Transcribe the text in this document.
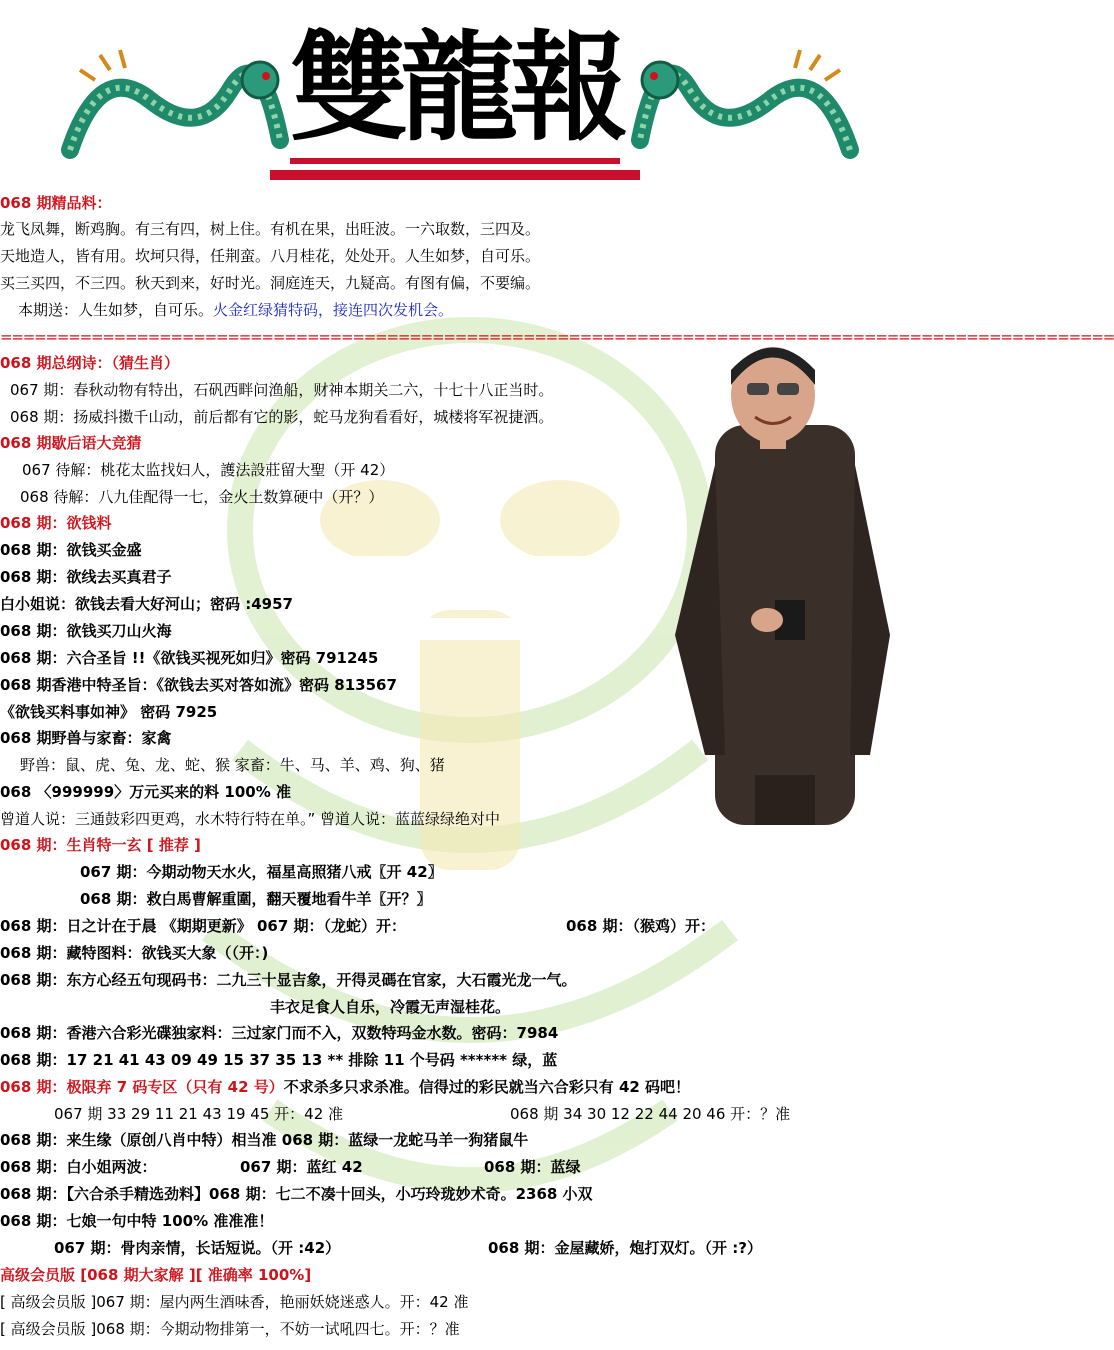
雙龍報
068 期精品料：
龙飞凤舞，断鸡胸。有三有四，树上住。有机在果，出旺波。一六取数，三四及。
天地造人，皆有用。坎坷只得，任荆蛮。八月桂花，处处开。人生如梦，自可乐。
买三买四，不三四。秋天到来，好时光。洞庭连天，九疑高。有图有偏，不要编。
本期送：人生如梦，自可乐。火金红绿猜特码，接连四次发机会。
==================================================================================================
068 期总纲诗：（猜生肖）
067 期：春秋动物有特出，石矾西畔问渔船，财神本期关二六，十七十八正当时。
068 期：扬威抖擞千山动，前后都有它的影，蛇马龙狗看看好，城楼将军祝捷洒。
068 期歇后语大竞猜
067 待解：桃花太监找妇人，護法設莊留大聖（开 42）
068 待解：八九佳配得一七，金火土数算硬中（开？）
068 期：欲钱料
068 期：欲钱买金盛
068 期：欲线去买真君子
白小姐说：欲钱去看大好河山；密码 :4957
068 期：欲钱买刀山火海
068 期：六合圣旨 !!《欲钱买视死如归》密码 791245
068 期香港中特圣旨：《欲钱去买对答如流》密码 813567
《欲钱买料事如神》 密码 7925
068 期野兽与家畜：家禽
野兽：鼠、虎、兔、龙、蛇、猴 家畜：牛、马、羊、鸡、狗、猪
068 〈999999〉万元买来的料 100% 准
曾道人说：三通鼓彩四更鸡，水木特行特在单。” 曾道人说：蓝蓝绿绿绝对中
068 期：生肖特一玄 [ 推荐 ]
067 期：今期动物天水火，福星高照猪八戒〖开 42〗
068 期：救白馬曹解重圍，翻天覆地看牛羊〖开？〗
068 期：日之计在于晨 《期期更新》 067 期：（龙蛇）开：	068 期：（猴鸡）开：
068 期：藏特图料：欲钱买大象（（开：)
068 期：东方心经五句现码书：二九三十显吉象，开得灵碼在官家，大石霞光龙一气。
丰衣足食人自乐，冷霞无声湿桂花。
068 期：香港六合彩光碟独家料：三过家门而不入，双数特玛金水数。密码：7984
068 期：17 21 41 43 09 49 15 37 35 13 ** 排除 11 个号码 ****** 绿，蓝
068 期：极限弃 7 码专区（只有 42 号）不求杀多只求杀准。信得过的彩民就当六合彩只有 42 码吧！
067 期 33 29 11 21 43 19 45 开：42 准	068 期 34 30 12 22 44 20 46 开：？准
068 期：来生缘（原创八肖中特）相当准 068 期：蓝绿一龙蛇马羊一狗猪鼠牛
068 期：白小姐两波：	067 期：蓝红 42	068 期：蓝绿
068 期：【六合杀手精选劲料】068 期：七二不凑十回头，小巧玲珑妙术奇。2368 小双
068 期：七娘一句中特 100% 准准准！
067 期：骨肉亲情，长话短说。（开 :42）	068 期：金屋藏娇，炮打双灯。（开 :?）
高级会员版 [068 期大家解 ][ 准确率 100%]
[ 高级会员版 ]067 期：屋内两生酒味香，艳丽妖娆迷惑人。开：42 准
[ 高级会员版 ]068 期：今期动物排第一，不妨一试吼四七。开：？准
